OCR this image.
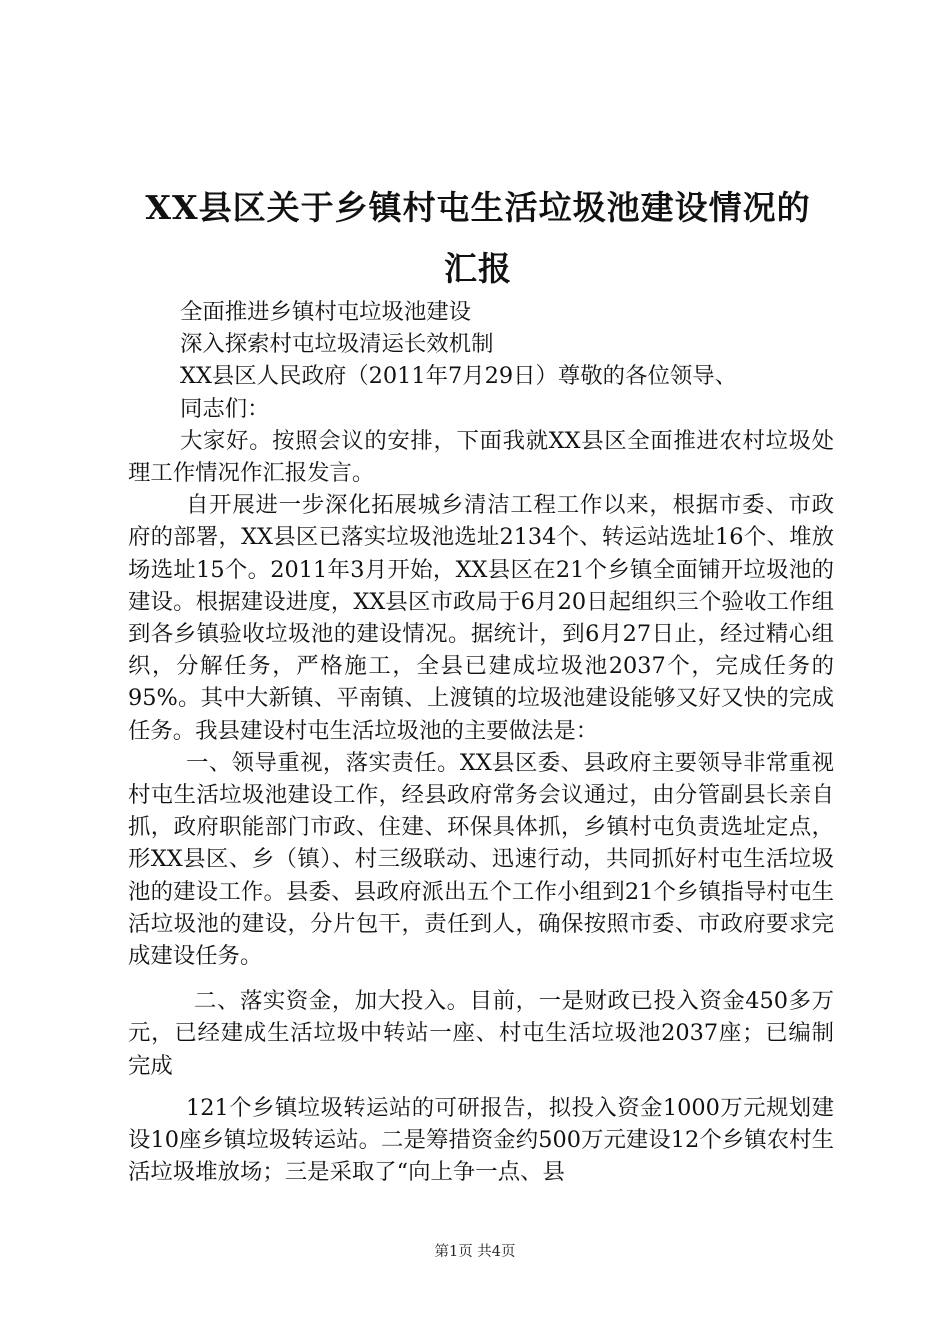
XX县区关于乡镇村屯生活垃圾池建设情况的
汇报

全面推进乡镇村屯垃圾池建设

深入探索村屯垃圾清运长效机制

XX县区人民政府（2011年7月29日）尊敬的各位领导、

同志们：

大家好。按照会议的安排，下面我就XX县区全面推进农村垃圾处理工作情况作汇报发言。

自开展进一步深化拓展城乡清洁工程工作以来，根据市委、市政府的部署，XX县区已落实垃圾池选址2134个、转运站选址16个、堆放场选址15个。2011年3月开始，XX县区在21个乡镇全面铺开垃圾池的建设。根据建设进度，XX县区市政局于6月20日起组织三个验收工作组到各乡镇验收垃圾池的建设情况。据统计，到6月27日止，经过精心组织，分解任务，严格施工，全县已建成垃圾池2037个，完成任务的95%。其中大新镇、平南镇、上渡镇的垃圾池建设能够又好又快的完成任务。我县建设村屯生活垃圾池的主要做法是：

一、领导重视，落实责任。XX县区委、县政府主要领导非常重视村屯生活垃圾池建设工作，经县政府常务会议通过，由分管副县长亲自抓，政府职能部门市政、住建、环保具体抓，乡镇村屯负责选址定点，形XX县区、乡（镇）、村三级联动、迅速行动，共同抓好村屯生活垃圾池的建设工作。县委、县政府派出五个工作小组到21个乡镇指导村屯生活垃圾池的建设，分片包干，责任到人，确保按照市委、市政府要求完成建设任务。

二、落实资金，加大投入。目前，一是财政已投入资金450多万元，已经建成生活垃圾中转站一座、村屯生活垃圾池2037座；已编制完成

121个乡镇垃圾转运站的可研报告，拟投入资金1000万元规划建设10座乡镇垃圾转运站。二是筹措资金约500万元建设12个乡镇农村生活垃圾堆放场；三是采取了“向上争一点、县

第1页 共4页
